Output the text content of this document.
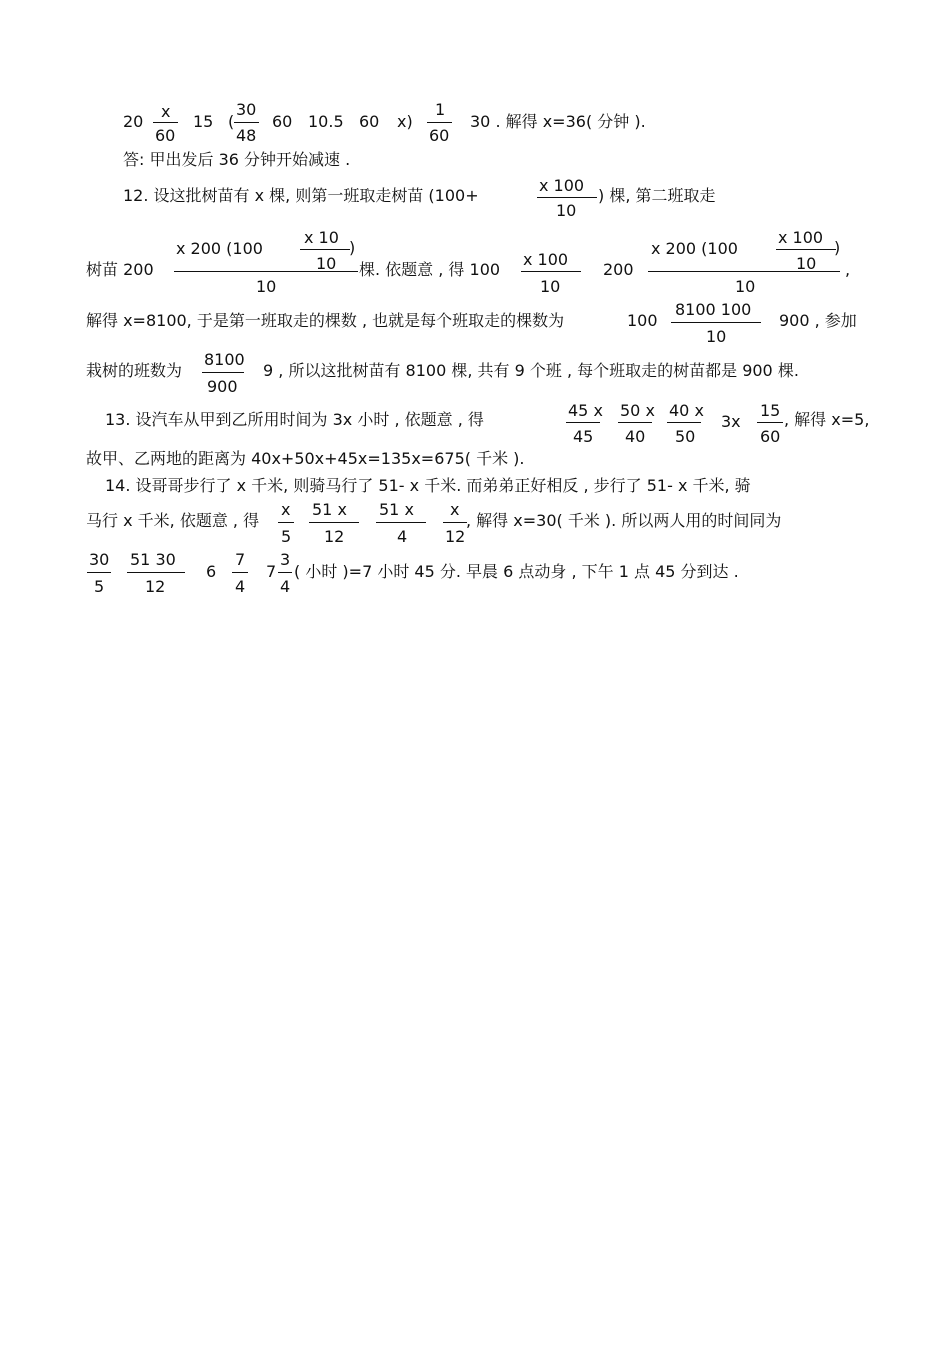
20
x
60
15 (
30
48
60 10.5 60 x)
1
60
30 . 解得 x=36( 分钟 ).
答: 甲出发后 36 分钟开始减速 .
12. 设这批树苗有 x 棵, 则第一班取走树苗 (100+
x 100
10
) 棵, 第二班取走
树苗 200
x 200 (100
x 10
)
10
10
棵. 依题意 , 得 100
x 100
10
200
x 200 (100
x 100
)
10
10
,
解得 x=8100, 于是第一班取走的棵数 , 也就是每个班取走的棵数为	100
8100 100
10
900 , 参加
栽树的班数为
8100
900
9 , 所以这批树苗有 8100 棵, 共有 9 个班 , 每个班取走的树苗都是 900 棵.
13. 设汽车从甲到乙所用时间为 3x 小时 , 依题意 , 得	45 x
45
50 x
40
40 x
50
3x
15
60
, 解得 x=5,
故甲、乙两地的距离为 40x+50x+45x=135x=675( 千米 ).
14. 设哥哥步行了 x 千米, 则骑马行了 51- x 千米. 而弟弟正好相反 , 步行了 51- x 千米, 骑
马行 x 千米, 依题意 , 得
x
5
51 x
12
51 x
4
x
12
, 解得 x=30( 千米 ). 所以两人用的时间同为
30
5
51 30
12
6
7
4
7
3
4
( 小时 )=7 小时 45 分. 早晨 6 点动身 , 下午 1 点 45 分到达 .
